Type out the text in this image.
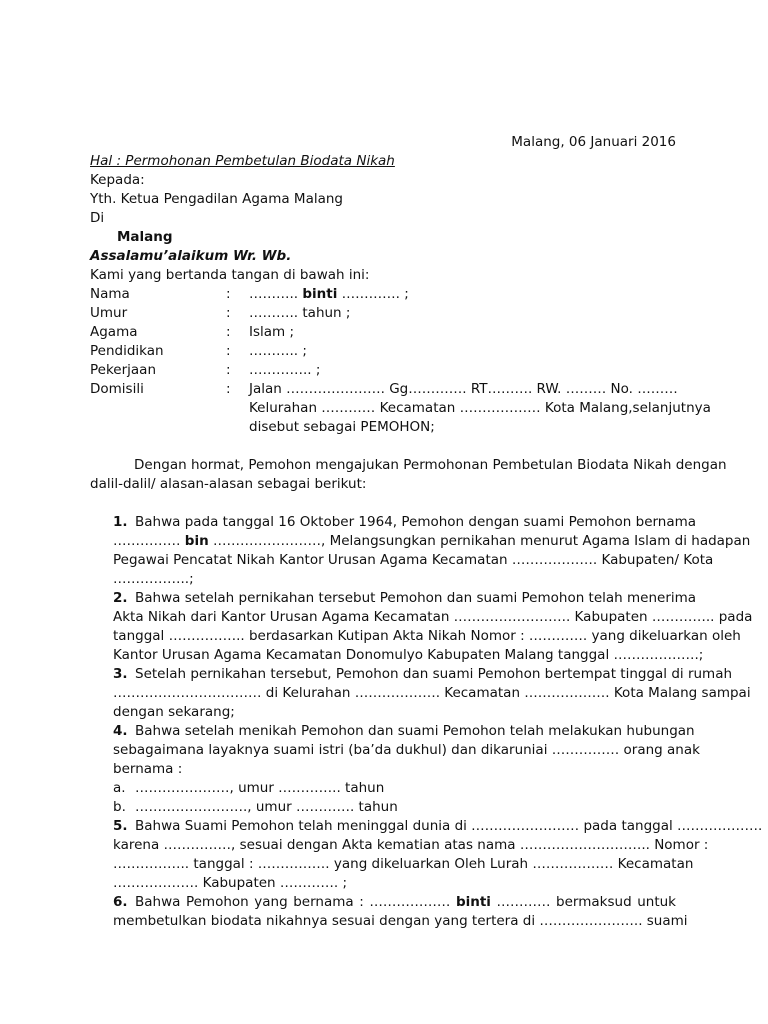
Malang, 06 Januari 2016
Hal : Permohonan Pembetulan Biodata Nikah
Kepada:
Yth. Ketua Pengadilan Agama Malang
Di
Malang
Assalamu’alaikum Wr. Wb.
Kami yang bertanda tangan di bawah ini:
Nama	: ……….. binti …………. ;
Umur	: ……….. tahun ;
Agama	: Islam ;
Pendidikan	: ……….. ;
Pekerjaan	: ………….. ;
Domisili	: Jalan …………………. Gg…………. RT………. RW. ……… No. ………
Kelurahan ………… Kecamatan ……………… Kota Malang,selanjutnya
disebut sebagai PEMOHON;
Dengan hormat, Pemohon mengajukan Permohonan Pembetulan Biodata Nikah dengan
dalil-dalil/ alasan-alasan sebagai berikut:
1. Bahwa pada tanggal 16 Oktober 1964, Pemohon dengan suami Pemohon bernama
…………… bin ……………………, Melangsungkan pernikahan menurut Agama Islam di hadapan
Pegawai Pencatat Nikah Kantor Urusan Agama Kecamatan ………………. Kabupaten/ Kota
……………..;
2. Bahwa setelah pernikahan tersebut Pemohon dan suami Pemohon telah menerima
Akta Nikah dari Kantor Urusan Agama Kecamatan …………………….. Kabupaten ………….. pada
tanggal …………….. berdasarkan Kutipan Akta Nikah Nomor : …………. yang dikeluarkan oleh
Kantor Urusan Agama Kecamatan Donomulyo Kabupaten Malang tanggal ……………….;
3. Setelah pernikahan tersebut, Pemohon dan suami Pemohon bertempat tinggal di rumah
…………………………… di Kelurahan ………………. Kecamatan ………………. Kota Malang sampai
dengan sekarang;
4. Bahwa setelah menikah Pemohon dan suami Pemohon telah melakukan hubungan
sebagaimana layaknya suami istri (ba’da dukhul) dan dikaruniai …………… orang anak
bernama :
a. …………………, umur ………….. tahun
b. ……………………., umur …………. tahun
5. Bahwa Suami Pemohon telah meninggal dunia di …………………… pada tanggal ……………….
karena ……………, sesuai dengan Akta kematian atas nama ……………………….. Nomor :
…………….. tanggal : ……………. yang dikeluarkan Oleh Lurah ……………… Kecamatan
………………. Kabupaten …………. ;
6. Bahwa Pemohon yang bernama : ……………… binti ………… bermaksud untuk
membetulkan biodata nikahnya sesuai dengan yang tertera di ………………….. suami
